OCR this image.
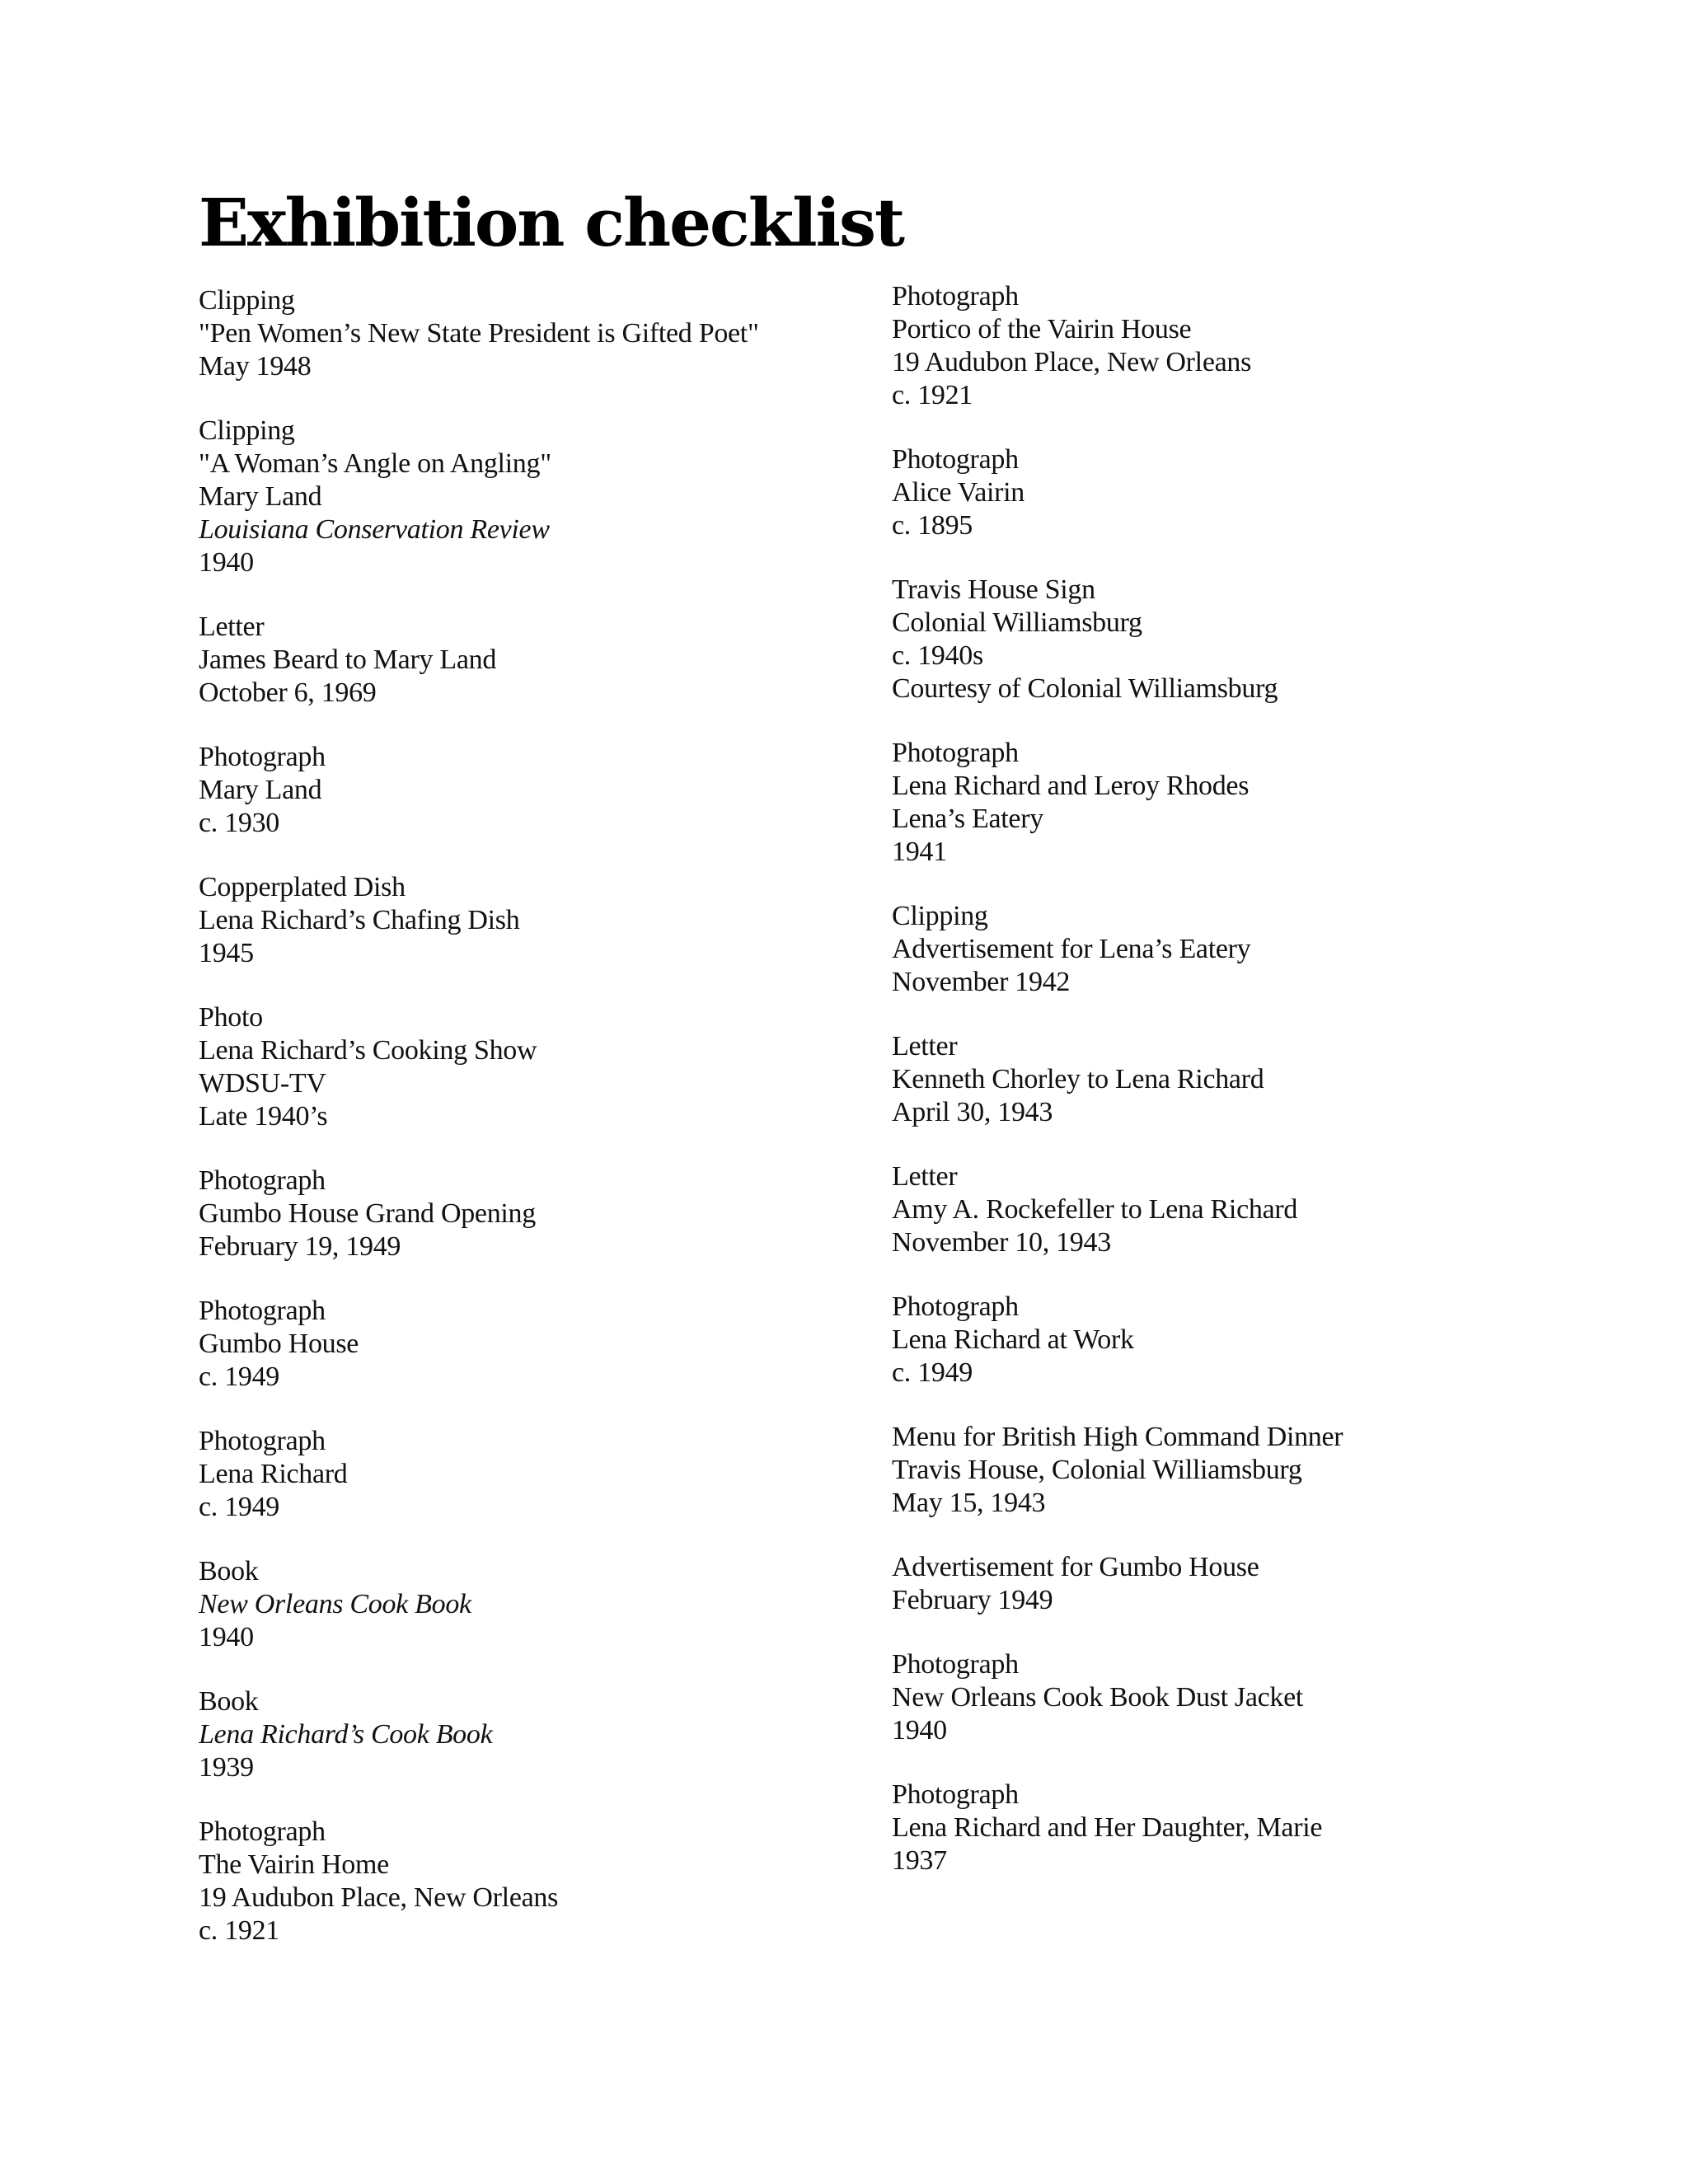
Exhibition checklist
Clipping
"Pen Women’s New State President is Gifted Poet"
May 1948
Clipping
"A Woman’s Angle on Angling"
Mary Land
Louisiana Conservation Review
1940
Letter
James Beard to Mary Land
October 6, 1969
Photograph
Mary Land
c. 1930
Copperplated Dish
Lena Richard’s Chafing Dish
1945
Photo
Lena Richard’s Cooking Show
WDSU-TV
Late 1940’s
Photograph
Gumbo House Grand Opening
February 19, 1949
Photograph
Gumbo House
c. 1949
Photograph
Lena Richard
c. 1949
Book
New Orleans Cook Book
1940
Book
Lena Richard’s Cook Book
1939
Photograph
The Vairin Home
19 Audubon Place, New Orleans
c. 1921
Photograph
Portico of the Vairin House
19 Audubon Place, New Orleans
c. 1921
Photograph
Alice Vairin
c. 1895
Travis House Sign
Colonial Williamsburg
c. 1940s
Courtesy of Colonial Williamsburg
Photograph
Lena Richard and Leroy Rhodes
Lena’s Eatery
1941
Clipping
Advertisement for Lena’s Eatery
November 1942
Letter
Kenneth Chorley to Lena Richard
April 30, 1943
Letter
Amy A. Rockefeller to Lena Richard
November 10, 1943
Photograph
Lena Richard at Work
c. 1949
Menu for British High Command Dinner
Travis House, Colonial Williamsburg
May 15, 1943
Advertisement for Gumbo House
February 1949
Photograph
New Orleans Cook Book Dust Jacket
1940
Photograph
Lena Richard and Her Daughter, Marie
1937
